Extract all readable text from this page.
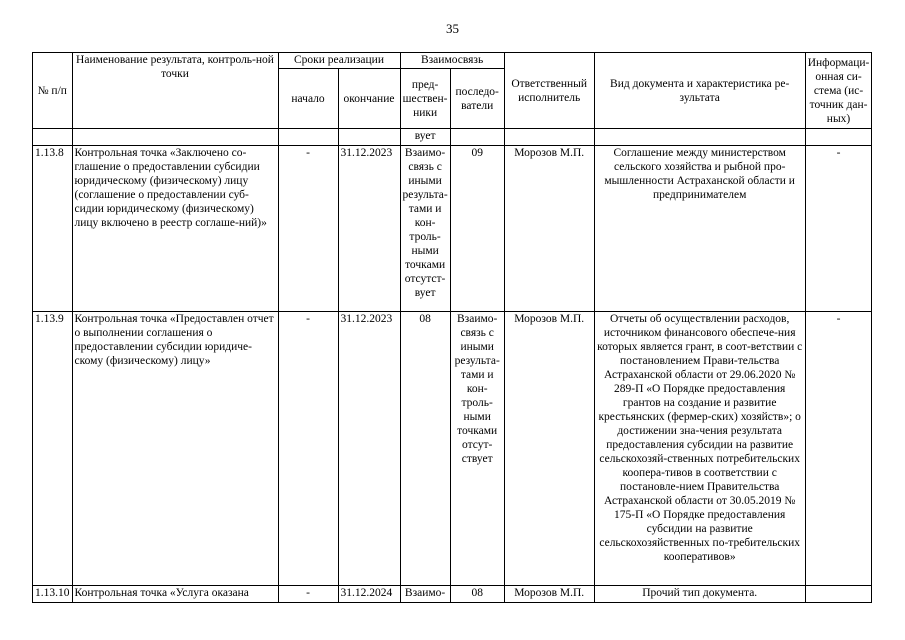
35
№ п/п	Наименование результата, контроль-ной точки	Сроки реализации		Взаимосвязь		Ответственный исполнитель	Вид документа и характеристика ре-зультата	Информаци-онная си-стема (ис-точник дан-ных)
		начало	окончание	пред-шествен-ники	последо-ватели			
				вует				
1.13.8	Контрольная точка «Заключено со-глашение о предоставлении субсидии юридическому (физическому) лицу (соглашение о предоставлении суб-сидии юридическому (физическому) лицу включено в реестр соглаше-ний)»	-	31.12.2023	Взаимо-связь с иными результа-тами и кон-троль-ными точками отсутст-вует	09	Морозов М.П.	Соглашение между министерством сельского хозяйства и рыбной про-мышленности Астраханской области и предпринимателем	-
1.13.9	Контрольная точка «Предоставлен отчет о выполнении соглашения о предоставлении субсидии юридиче-скому (физическому) лицу»	-	31.12.2023	08	Взаимо-связь с иными результа-тами и кон-троль-ными точками отсут-ствует	Морозов М.П.	Отчеты об осуществлении расходов, источником финансового обеспече-ния которых является грант, в соот-ветствии с постановлением Прави-тельства Астраханской области от 29.06.2020 № 289-П «О Порядке предоставления грантов на создание и развитие крестьянских (фермер-ских) хозяйств»; о достижении зна-чения результата предоставления субсидии на развитие сельскохозяй-ственных потребительских коопера-тивов в соответствии с постановле-нием Правительства Астраханской области от 30.05.2019 № 175-П «О Порядке предоставления субсидии на развитие сельскохозяйственных по-требительских кооперативов»	-
1.13.10	Контрольная точка «Услуга оказана	-	31.12.2024	Взаимо-	08	Морозов М.П.	Прочий тип документа.	
